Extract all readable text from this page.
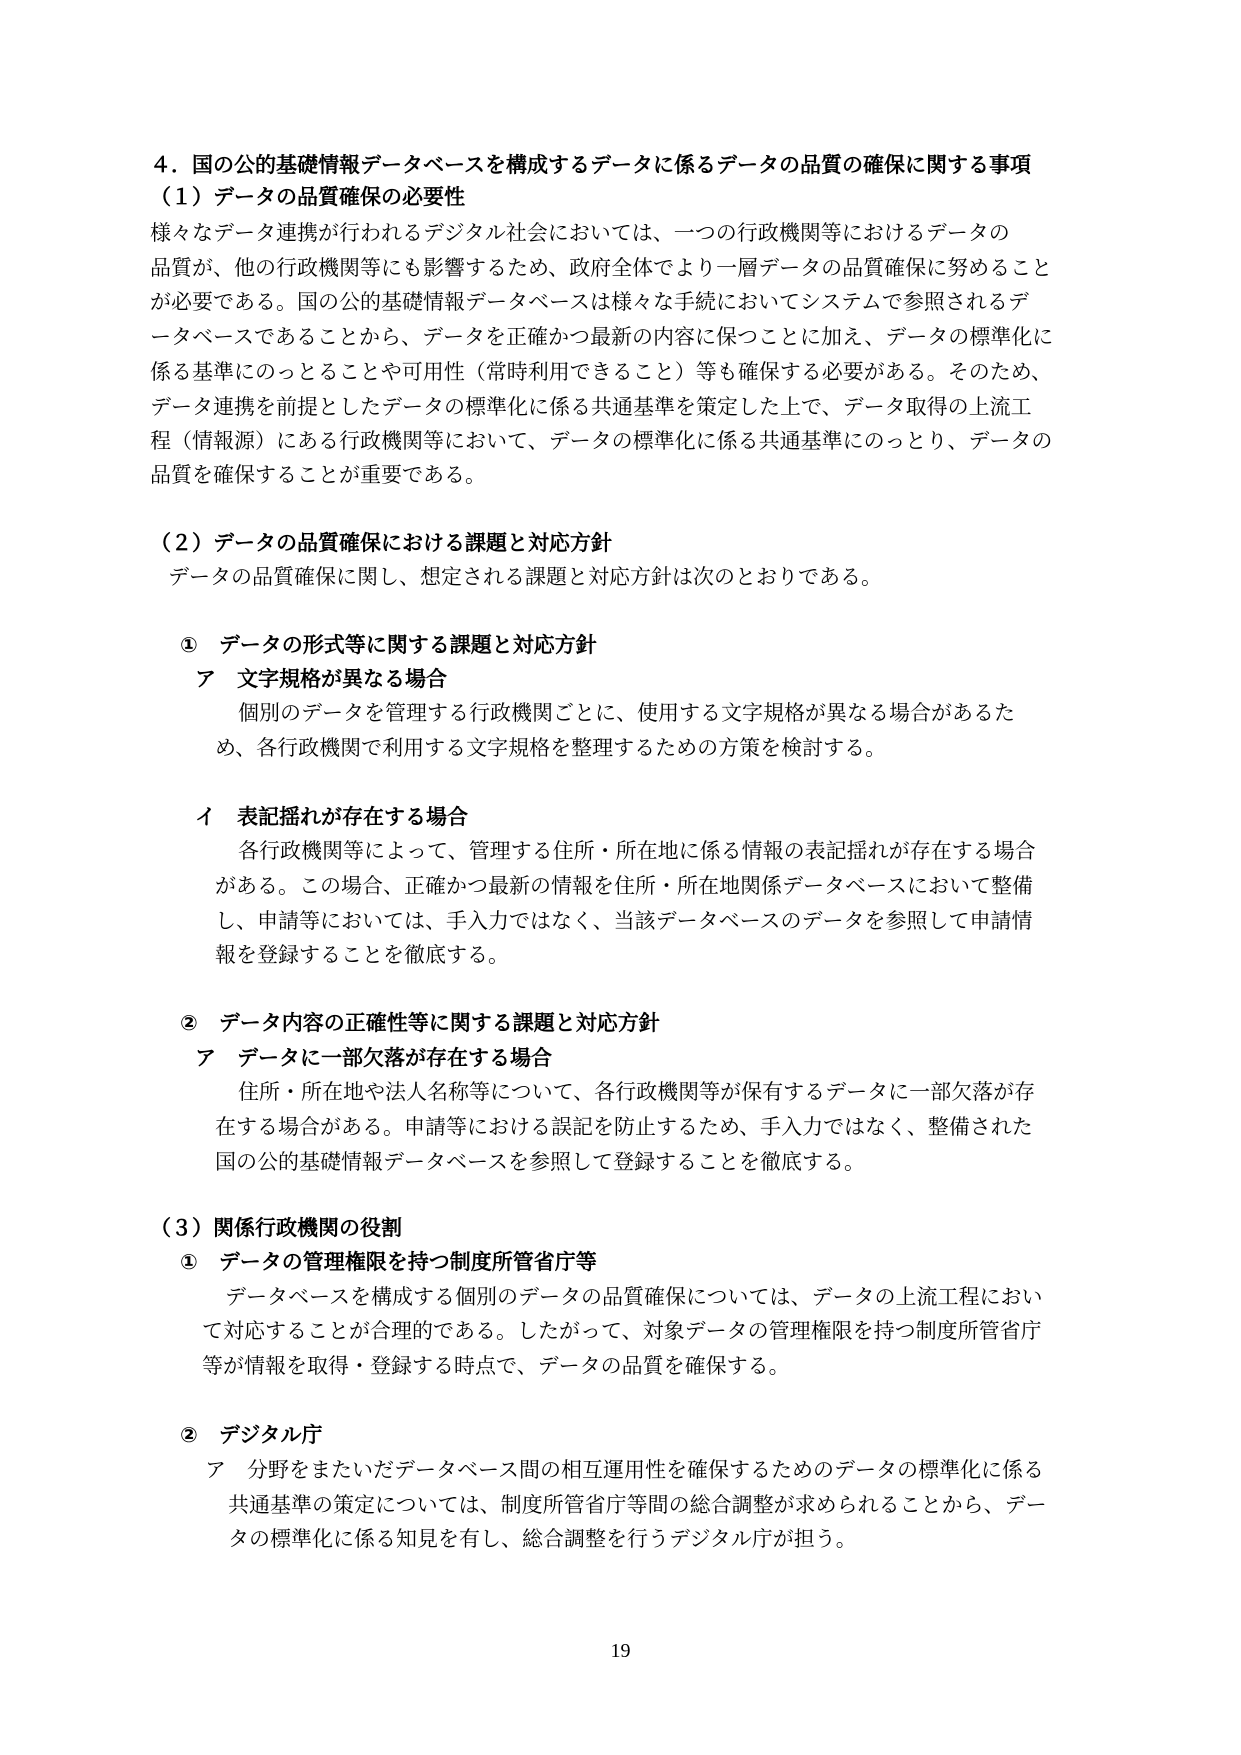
４．国の公的基礎情報データベースを構成するデータに係るデータの品質の確保に関する事項
（１）データの品質確保の必要性
様々なデータ連携が行われるデジタル社会においては、一つの行政機関等におけるデータの
品質が、他の行政機関等にも影響するため、政府全体でより一層データの品質確保に努めること
が必要である。国の公的基礎情報データベースは様々な手続においてシステムで参照されるデ
ータベースであることから、データを正確かつ最新の内容に保つことに加え、データの標準化に
係る基準にのっとることや可用性（常時利用できること）等も確保する必要がある。そのため、
データ連携を前提としたデータの標準化に係る共通基準を策定した上で、データ取得の上流工
程（情報源）にある行政機関等において、データの標準化に係る共通基準にのっとり、データの
品質を確保することが重要である。
（２）データの品質確保における課題と対応方針
データの品質確保に関し、想定される課題と対応方針は次のとおりである。
①　データの形式等に関する課題と対応方針
ア　文字規格が異なる場合
個別のデータを管理する行政機関ごとに、使用する文字規格が異なる場合があるた
め、各行政機関で利用する文字規格を整理するための方策を検討する。
イ　表記揺れが存在する場合
各行政機関等によって、管理する住所・所在地に係る情報の表記揺れが存在する場合
がある。この場合、正確かつ最新の情報を住所・所在地関係データベースにおいて整備
し、申請等においては、手入力ではなく、当該データベースのデータを参照して申請情
報を登録することを徹底する。
②　データ内容の正確性等に関する課題と対応方針
ア　データに一部欠落が存在する場合
住所・所在地や法人名称等について、各行政機関等が保有するデータに一部欠落が存
在する場合がある。申請等における誤記を防止するため、手入力ではなく、整備された
国の公的基礎情報データベースを参照して登録することを徹底する。
（３）関係行政機関の役割
①　データの管理権限を持つ制度所管省庁等
データベースを構成する個別のデータの品質確保については、データの上流工程におい
て対応することが合理的である。したがって、対象データの管理権限を持つ制度所管省庁
等が情報を取得・登録する時点で、データの品質を確保する。
②　デジタル庁
ア　分野をまたいだデータベース間の相互運用性を確保するためのデータの標準化に係る
共通基準の策定については、制度所管省庁等間の総合調整が求められることから、デー
タの標準化に係る知見を有し、総合調整を行うデジタル庁が担う。
19
